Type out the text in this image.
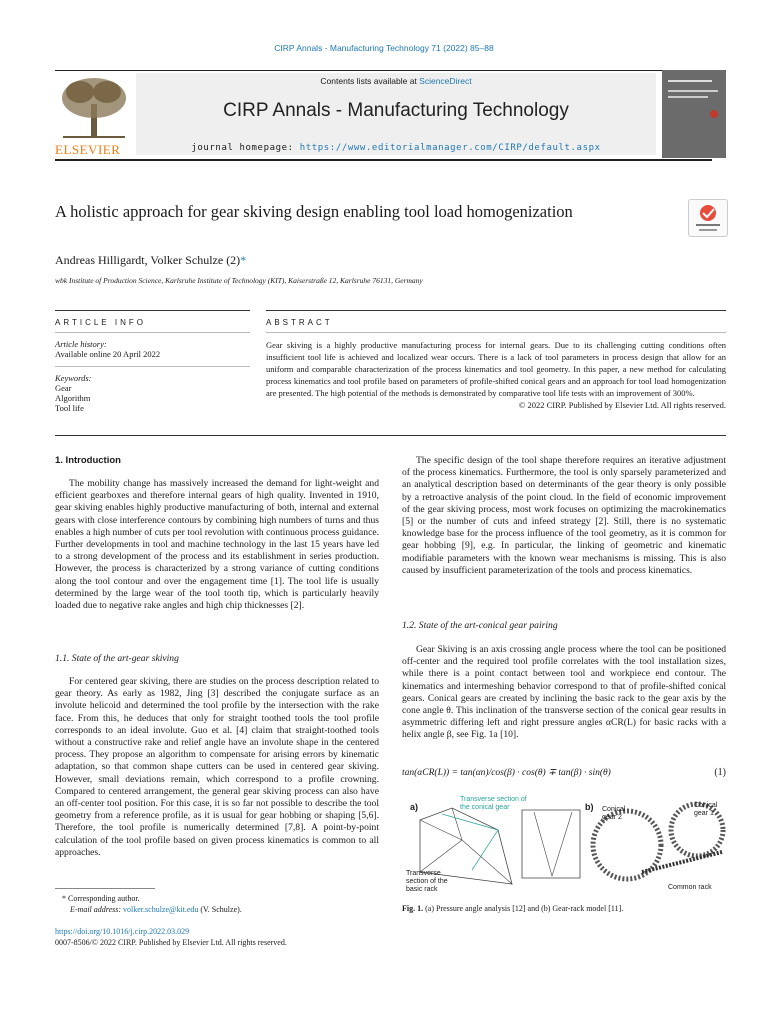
CIRP Annals - Manufacturing Technology 71 (2022) 85–88
ELSEVIER
Contents lists available at ScienceDirect
CIRP Annals - Manufacturing Technology
journal homepage: https://www.editorialmanager.com/CIRP/default.aspx
A holistic approach for gear skiving design enabling tool load homogenization
Andreas Hilligardt, Volker Schulze (2)*
wbk Institute of Production Science, Karlsruhe Institute of Technology (KIT), Kaiserstraße 12, Karlsruhe 76131, Germany
ARTICLE INFO	ABSTRACT
Article history:
Available online 20 April 2022
Keywords:
Gear
Algorithm
Tool life
Gear skiving is a highly productive manufacturing process for internal gears. Due to its challenging cutting conditions often insufficient tool life is achieved and localized wear occurs. There is a lack of tool parameters in process design that allow for an uniform and comparable characterization of the process kinematics and tool geometry. In this paper, a new method for calculating process kinematics and tool profile based on parameters of profile-shifted conical gears and an approach for tool load homogenization are presented. The high potential of the methods is demonstrated by comparative tool life tests with an improvement of 300%.
© 2022 CIRP. Published by Elsevier Ltd. All rights reserved.
1. Introduction

The mobility change has massively increased the demand for light-weight and efficient gearboxes and therefore internal gears of high quality. Invented in 1910, gear skiving enables highly productive manufacturing of both, internal and external gears with close interference contours by combining high numbers of turns and thus enables a high number of cuts per tool revolution with continuous process guidance. Further developments in tool and machine technology in the last 15 years have led to a strong development of the process and its establishment in series production. However, the process is characterized by a strong variance of cutting conditions along the tool contour and over the engagement time [1]. The tool life is usually determined by the large wear of the tool tooth tip, which is particularly heavily loaded due to negative rake angles and high chip thicknesses [2].

1.1. State of the art-gear skiving

For centered gear skiving, there are studies on the process description related to gear theory. As early as 1982, Jing [3] described the conjugate surface as an involute helicoid and determined the tool profile by the intersection with the rake face. From this, he deduces that only for straight toothed tools the tool profile corresponds to an ideal involute. Guo et al. [4] claim that straight-toothed tools without a constructive rake and relief angle have an involute shape in the centered process. They propose an algorithm to compensate for arising errors by kinematic adaptation, so that common shape cutters can be used in centered gear skiving. However, small deviations remain, which correspond to a profile crowning. Compared to centered arrangement, the general gear skiving process can also have an off-center tool position. For this case, it is so far not possible to describe the tool geometry from a reference profile, as it is usual for gear hobbing or shaping [5,6]. Therefore, the tool profile is numerically determined [7,8]. A point-by-point calculation of the tool profile based on given process kinematics is common to all approaches.

The specific design of the tool shape therefore requires an iterative adjustment of the process kinematics. Furthermore, the tool is only sparsely parameterized and an analytical description based on determinants of the gear theory is only possible by a retroactive analysis of the point cloud. In the field of economic improvement of the gear skiving process, most work focuses on optimizing the macrokinematics [5] or the number of cuts and infeed strategy [2]. Still, there is no systematic knowledge base for the process influence of the tool geometry, as it is common for gear hobbing [9], e.g. In particular, the linking of geometric and kinematic modifiable parameters with the known wear mechanisms is missing. This is also caused by insufficient parameterization of the tools and process kinematics.

1.2. State of the art-conical gear pairing

Gear Skiving is an axis crossing angle process where the tool can be positioned off-center and the required tool profile correlates with the tool installation sizes, while there is a point contact between tool and workpiece end contour. The kinematics and intermeshing behavior correspond to that of profile-shifted conical gears. Conical gears are created by inclining the basic rack to the gear axis by the cone angle θ. This inclination of the transverse section of the conical gear results in asymmetric differing left and right pressure angles αCR(L) for basic racks with a helix angle β, see Fig. 1a [10].

tan(αCR(L)) = tan(αn)/cos(β) · cos(θ) ∓ tan(β) · sin(θ)	(1)
a)	b)
Transverse section of the conical gear
Transverse section of the basic rack
Conical gear 2
Conical gear 1
Common rack
Fig. 1. (a) Pressure angle analysis [12] and (b) Gear-rack model [11].
* Corresponding author.
E-mail address: volker.schulze@kit.edu (V. Schulze).
https://doi.org/10.1016/j.cirp.2022.03.029
0007-8506/© 2022 CIRP. Published by Elsevier Ltd. All rights reserved.
